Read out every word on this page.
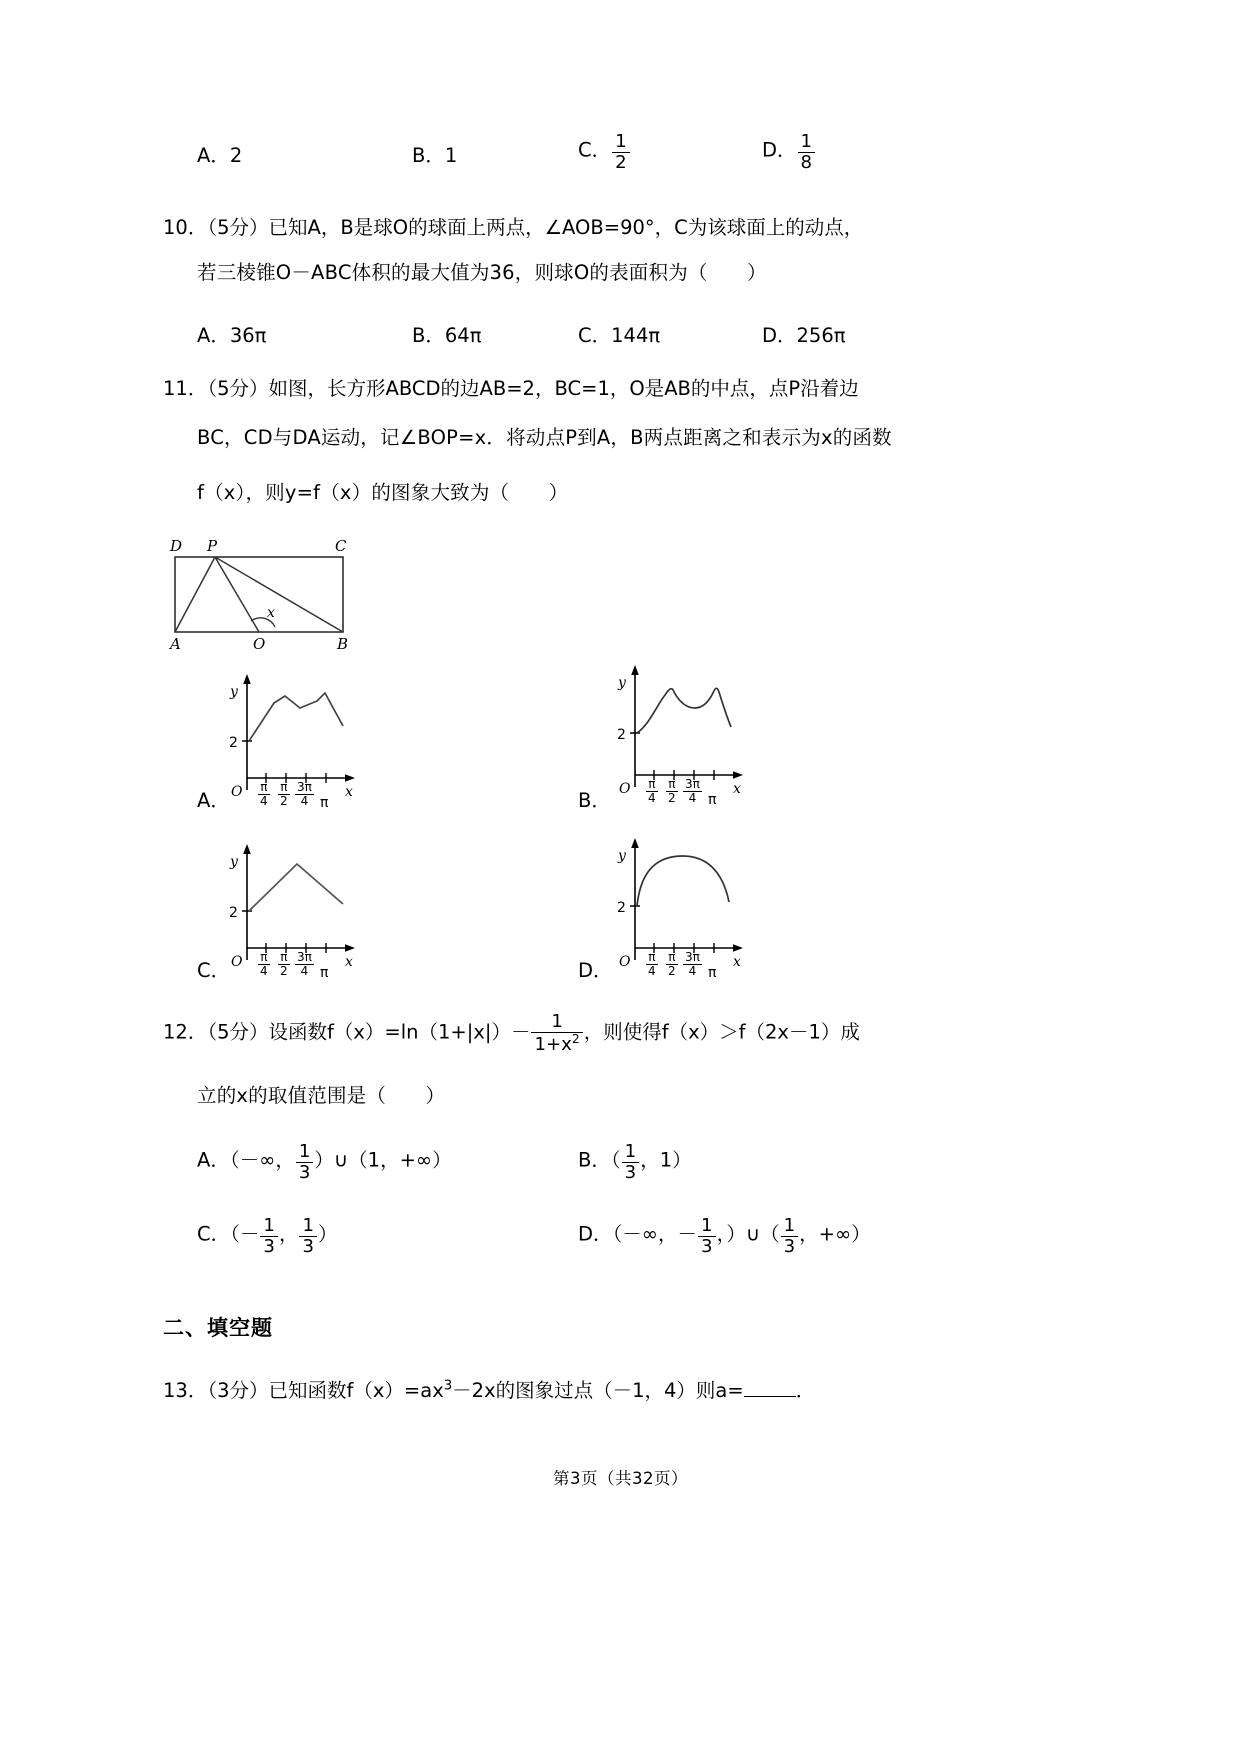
A．2	B．1	C． $\frac{1}{2}$	D． $\frac{1}{8}$
10．（5分）已知A，B是球O的球面上两点，∠AOB=90°，C为该球面上的动点，
若三棱锥O－ABC体积的最大值为36，则球O的表面积为（　　）
A．36π	B．64π	C．144π	D．256π
11．（5分）如图，长方形ABCD的边AB=2，BC=1，O是AB的中点，点P沿着边
BC，CD与DA运动，记∠BOP=x．将动点P到A，B两点距离之和表示为x的函数
f（x），则y=f（x）的图象大致为（　　）
D P	C
A	O	B
x
y
x
2
O $\frac{\pi}{4} \frac{\pi}{2} \frac{3\pi}{4}$ π
A．
y
x
2
O $\frac{\pi}{4} \frac{\pi}{2} \frac{3\pi}{4}$ π
B．
y
x
2
O $\frac{\pi}{4} \frac{\pi}{2} \frac{3\pi}{4}$ π
C．
y
x
2
O $\frac{\pi}{4} \frac{\pi}{2} \frac{3\pi}{4}$ π
D．
12．（5分）设函数$f(x)=\ln(1+|x|)- \frac{1}{1+x^2}$ ，则使得f（x）＞f（2x－1）成
立的x的取值范围是（　　）
A．（－∞， $\frac{1}{3}$ ）∪（1，+∞）	B．（ $\frac{1}{3}$ ，1）
C．（－ $\frac{1}{3}$ ， $\frac{1}{3}$ ）	D．（－∞，－ $\frac{1}{3}$ ，）∪（ $\frac{1}{3}$ ，+∞）
二、填空题
13．（3分）已知函数$f(x)=ax^3-2x$的图象过点（－1，4）则a=	．
第3页（共32页）
